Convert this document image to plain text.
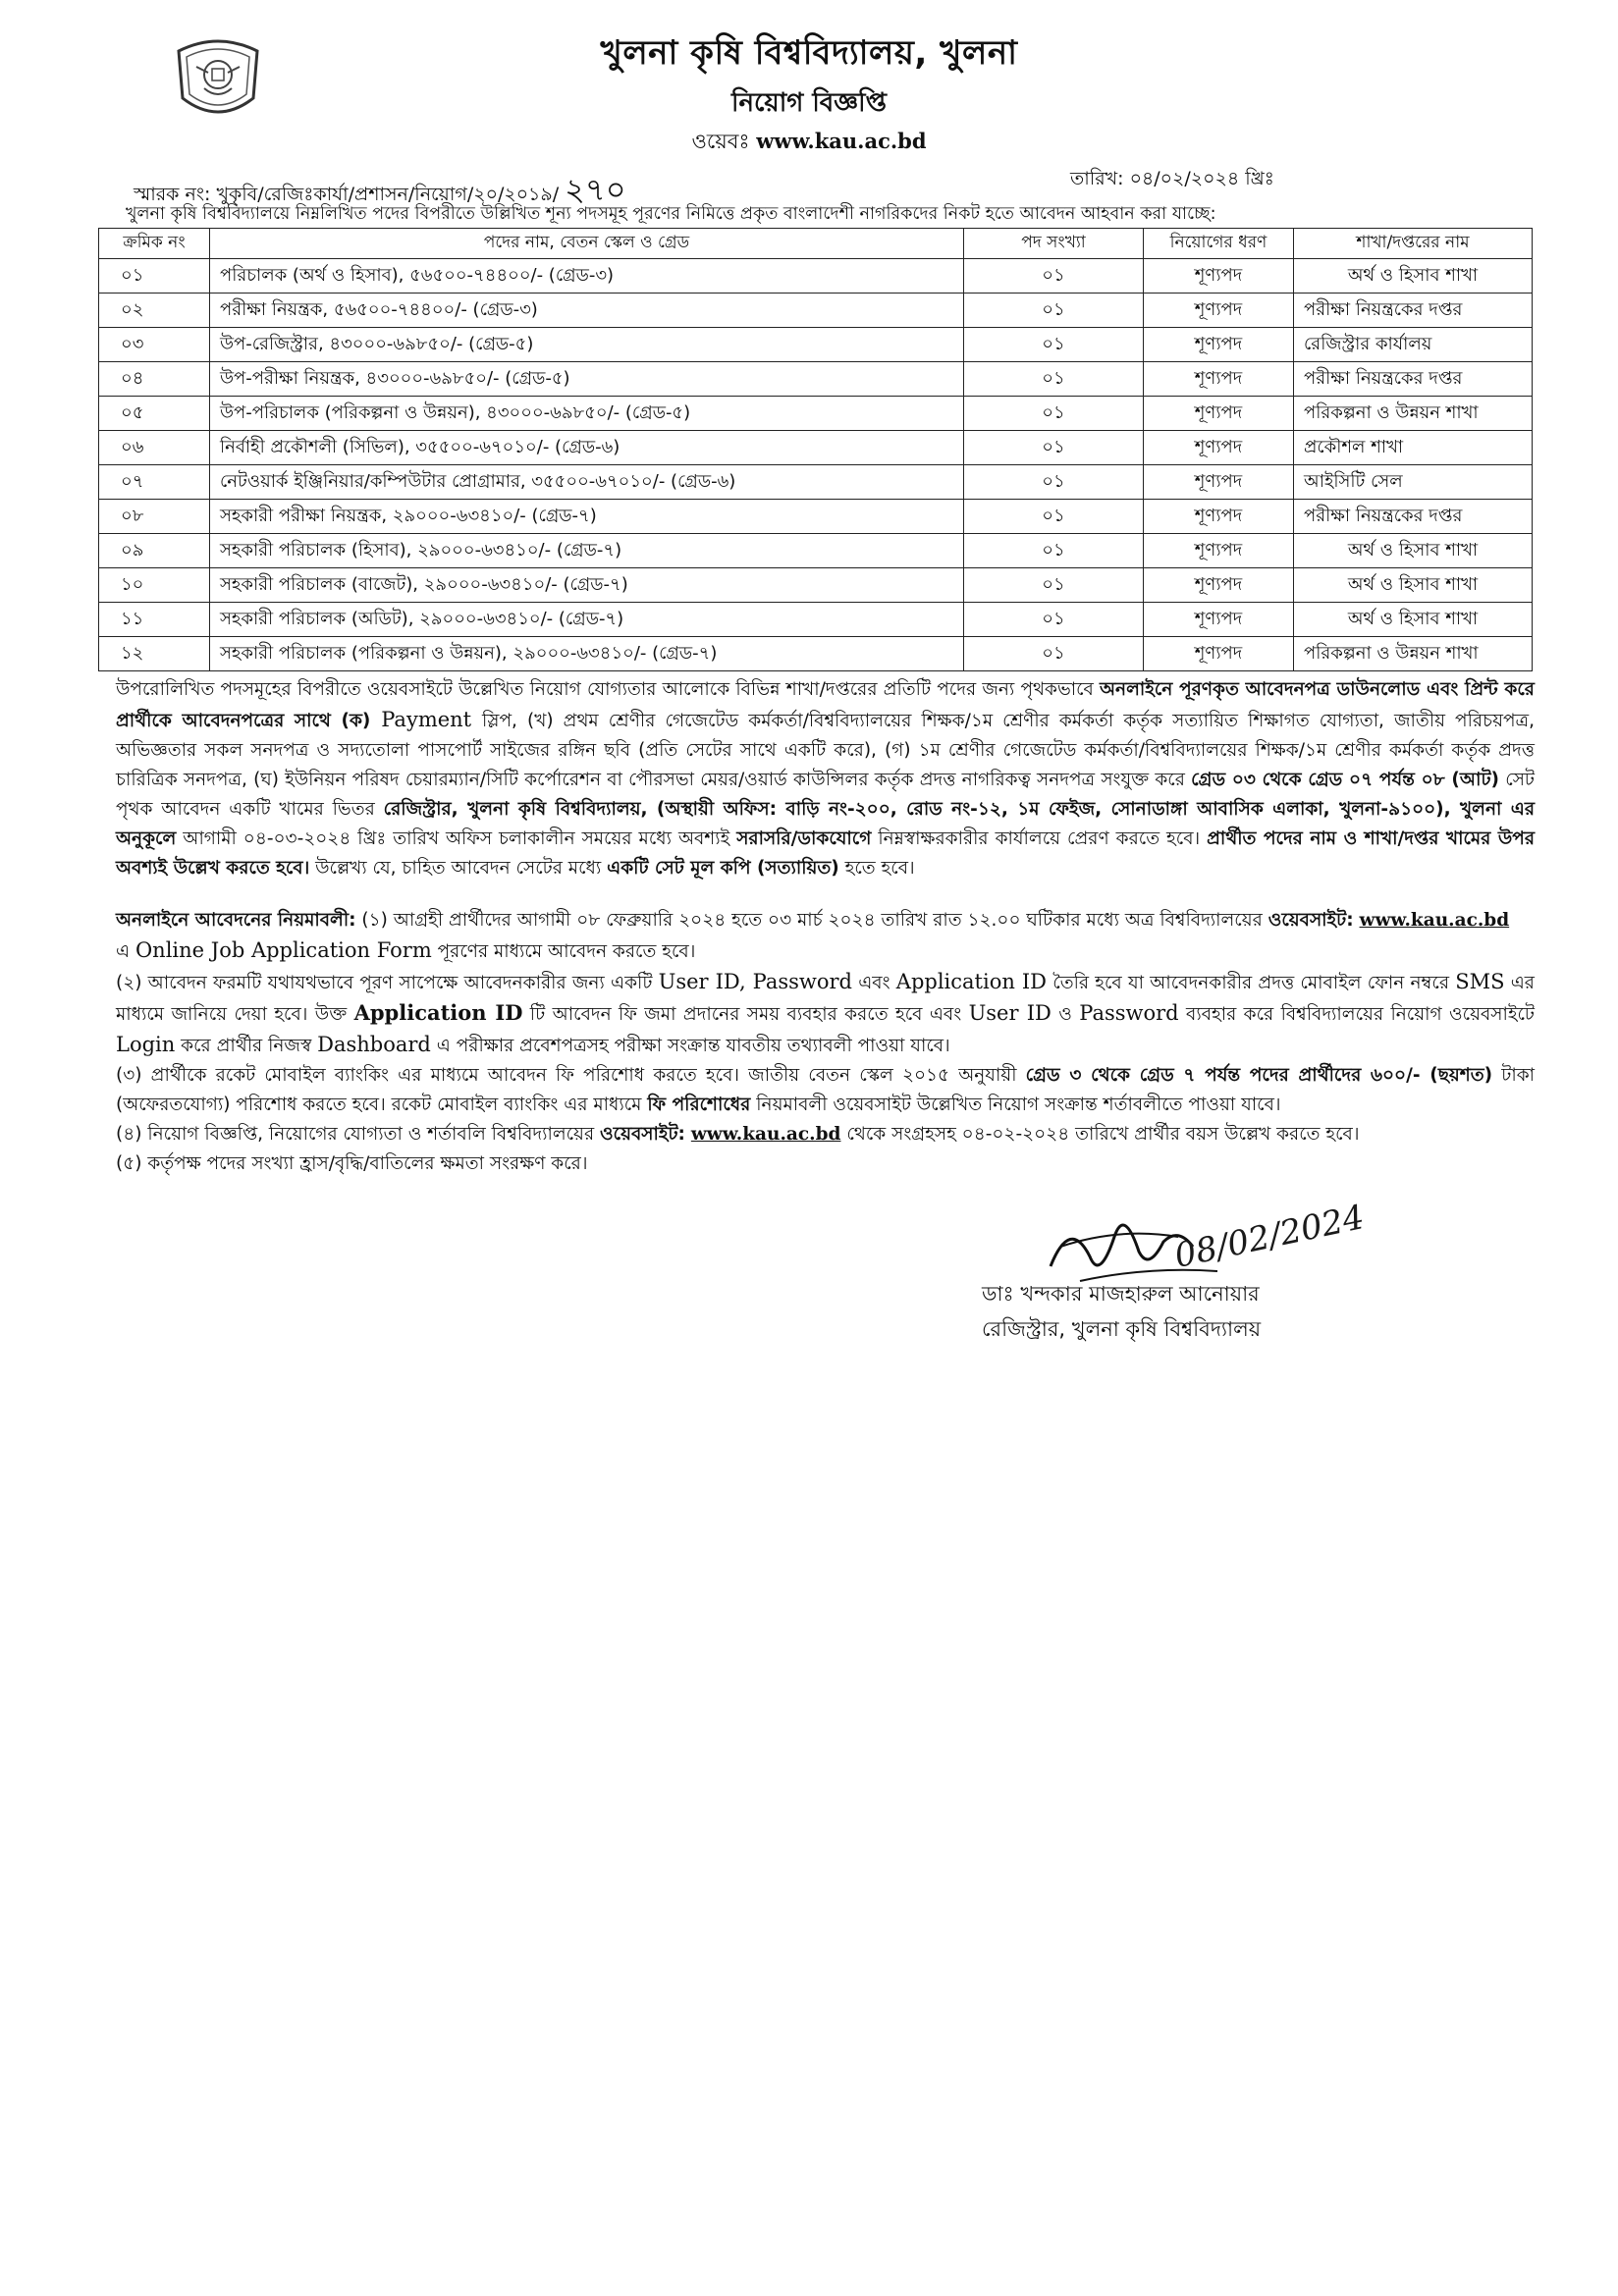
খুলনা কৃষি বিশ্ববিদ্যালয়, খুলনা
নিয়োগ বিজ্ঞপ্তি
ওয়েবঃ www.kau.ac.bd
স্মারক নং: খুকৃবি/রেজিঃকার্যা/প্রশাসন/নিয়োগ/২০/২০১৯/ ২৭০	তারিখ: ০৪/০২/২০২৪ খ্রিঃ
খুলনা কৃষি বিশ্ববিদ্যালয়ে নিম্নলিখিত পদের বিপরীতে উল্লিখিত শূন্য পদসমূহ পূরণের নিমিত্তে প্রকৃত বাংলাদেশী নাগরিকদের নিকট হতে আবেদন আহবান করা যাচ্ছে:
ক্রমিক নং	পদের নাম, বেতন স্কেল ও গ্রেড	পদ সংখ্যা	নিয়োগের ধরণ	শাখা/দপ্তরের নাম
০১	পরিচালক (অর্থ ও হিসাব), ৫৬৫০০-৭৪৪০০/- (গ্রেড-৩)	০১	শূণ্যপদ	অর্থ ও হিসাব শাখা
০২	পরীক্ষা নিয়ন্ত্রক, ৫৬৫০০-৭৪৪০০/- (গ্রেড-৩)	০১	শূণ্যপদ	পরীক্ষা নিয়ন্ত্রকের দপ্তর
০৩	উপ-রেজিস্ট্রার, ৪৩০০০-৬৯৮৫০/- (গ্রেড-৫)	০১	শূণ্যপদ	রেজিস্ট্রার কার্যালয়
০৪	উপ-পরীক্ষা নিয়ন্ত্রক, ৪৩০০০-৬৯৮৫০/- (গ্রেড-৫)	০১	শূণ্যপদ	পরীক্ষা নিয়ন্ত্রকের দপ্তর
০৫	উপ-পরিচালক (পরিকল্পনা ও উন্নয়ন), ৪৩০০০-৬৯৮৫০/- (গ্রেড-৫)	০১	শূণ্যপদ	পরিকল্পনা ও উন্নয়ন শাখা
০৬	নির্বাহী প্রকৌশলী (সিভিল), ৩৫৫০০-৬৭০১০/- (গ্রেড-৬)	০১	শূণ্যপদ	প্রকৌশল শাখা
০৭	নেটওয়ার্ক ইঞ্জিনিয়ার/কম্পিউটার প্রোগ্রামার, ৩৫৫০০-৬৭০১০/- (গ্রেড-৬)	০১	শূণ্যপদ	আইসিটি সেল
০৮	সহকারী পরীক্ষা নিয়ন্ত্রক, ২৯০০০-৬৩৪১০/- (গ্রেড-৭)	০১	শূণ্যপদ	পরীক্ষা নিয়ন্ত্রকের দপ্তর
০৯	সহকারী পরিচালক (হিসাব), ২৯০০০-৬৩৪১০/- (গ্রেড-৭)	০১	শূণ্যপদ	অর্থ ও হিসাব শাখা
১০	সহকারী পরিচালক (বাজেট), ২৯০০০-৬৩৪১০/- (গ্রেড-৭)	০১	শূণ্যপদ	অর্থ ও হিসাব শাখা
১১	সহকারী পরিচালক (অডিট), ২৯০০০-৬৩৪১০/- (গ্রেড-৭)	০১	শূণ্যপদ	অর্থ ও হিসাব শাখা
১২	সহকারী পরিচালক (পরিকল্পনা ও উন্নয়ন), ২৯০০০-৬৩৪১০/- (গ্রেড-৭)	০১	শূণ্যপদ	পরিকল্পনা ও উন্নয়ন শাখা
উপরোলিখিত পদসমূহের বিপরীতে ওয়েবসাইটে উল্লেখিত নিয়োগ যোগ্যতার আলোকে বিভিন্ন শাখা/দপ্তরের প্রতিটি পদের জন্য পৃথকভাবে অনলাইনে পূরণকৃত আবেদনপত্র ডাউনলোড এবং প্রিন্ট করে প্রার্থীকে আবেদনপত্রের সাথে (ক) Payment স্লিপ, (খ) প্রথম শ্রেণীর গেজেটেড কর্মকর্তা/বিশ্ববিদ্যালয়ের শিক্ষক/১ম শ্রেণীর কর্মকর্তা কর্তৃক সত্যায়িত শিক্ষাগত যোগ্যতা, জাতীয় পরিচয়পত্র, অভিজ্ঞতার সকল সনদপত্র ও সদ্যতোলা পাসপোর্ট সাইজের রঙ্গিন ছবি (প্রতি সেটের সাথে একটি করে), (গ) ১ম শ্রেণীর গেজেটেড কর্মকর্তা/বিশ্ববিদ্যালয়ের শিক্ষক/১ম শ্রেণীর কর্মকর্তা কর্তৃক প্রদত্ত চারিত্রিক সনদপত্র, (ঘ) ইউনিয়ন পরিষদ চেয়ারম্যান/সিটি কর্পোরেশন বা পৌরসভা মেয়র/ওয়ার্ড কাউন্সিলর কর্তৃক প্রদত্ত নাগরিকত্ব সনদপত্র সংযুক্ত করে গ্রেড ০৩ থেকে গ্রেড ০৭ পর্যন্ত ০৮ (আট) সেট পৃথক আবেদন একটি খামের ভিতর রেজিস্ট্রার, খুলনা কৃষি বিশ্ববিদ্যালয়, (অস্থায়ী অফিস: বাড়ি নং-২০০, রোড নং-১২, ১ম ফেইজ, সোনাডাঙ্গা আবাসিক এলাকা, খুলনা-৯১০০), খুলনা এর অনুকূলে আগামী ০৪-০৩-২০২৪ খ্রিঃ তারিখ অফিস চলাকালীন সময়ের মধ্যে অবশ্যই সরাসরি/ডাকযোগে নিম্নস্বাক্ষরকারীর কার্যালয়ে প্রেরণ করতে হবে। প্রার্থীত পদের নাম ও শাখা/দপ্তর খামের উপর অবশ্যই উল্লেখ করতে হবে। উল্লেখ্য যে, চাহিত আবেদন সেটের মধ্যে একটি সেট মূল কপি (সত্যায়িত) হতে হবে।

অনলাইনে আবেদনের নিয়মাবলী: (১) আগ্রহী প্রার্থীদের আগামী ০৮ ফেব্রুয়ারি ২০২৪ হতে ০৩ মার্চ ২০২৪ তারিখ রাত ১২.০০ ঘটিকার মধ্যে অত্র বিশ্ববিদ্যালয়ের ওয়েবসাইট: www.kau.ac.bd
এ Online Job Application Form পূরণের মাধ্যমে আবেদন করতে হবে।

(২) আবেদন ফরমটি যথাযথভাবে পূরণ সাপেক্ষে আবেদনকারীর জন্য একটি User ID, Password এবং Application ID তৈরি হবে যা আবেদনকারীর প্রদত্ত মোবাইল ফোন নম্বরে SMS এর মাধ্যমে জানিয়ে দেয়া হবে। উক্ত Application ID টি আবেদন ফি জমা প্রদানের সময় ব্যবহার করতে হবে এবং User ID ও Password ব্যবহার করে বিশ্ববিদ্যালয়ের নিয়োগ ওয়েবসাইটে Login করে প্রার্থীর নিজস্ব Dashboard এ পরীক্ষার প্রবেশপত্রসহ পরীক্ষা সংক্রান্ত যাবতীয় তথ্যাবলী পাওয়া যাবে।

(৩) প্রার্থীকে রকেট মোবাইল ব্যাংকিং এর মাধ্যমে আবেদন ফি পরিশোধ করতে হবে। জাতীয় বেতন স্কেল ২০১৫ অনুযায়ী গ্রেড ৩ থেকে গ্রেড ৭ পর্যন্ত পদের প্রার্থীদের ৬০০/- (ছয়শত) টাকা (অফেরতযোগ্য) পরিশোধ করতে হবে। রকেট মোবাইল ব্যাংকিং এর মাধ্যমে ফি পরিশোধের নিয়মাবলী ওয়েবসাইট উল্লেখিত নিয়োগ সংক্রান্ত শর্তাবলীতে পাওয়া যাবে।

(৪) নিয়োগ বিজ্ঞপ্তি, নিয়োগের যোগ্যতা ও শর্তাবলি বিশ্ববিদ্যালয়ের ওয়েবসাইট: www.kau.ac.bd থেকে সংগ্রহসহ ০৪-০২-২০২৪ তারিখে প্রার্থীর বয়স উল্লেখ করতে হবে।

(৫) কর্তৃপক্ষ পদের সংখ্যা হ্রাস/বৃদ্ধি/বাতিলের ক্ষমতা সংরক্ষণ করে।

08/02/2024
ডাঃ খন্দকার মাজহারুল আনোয়ার
রেজিস্ট্রার, খুলনা কৃষি বিশ্ববিদ্যালয়
